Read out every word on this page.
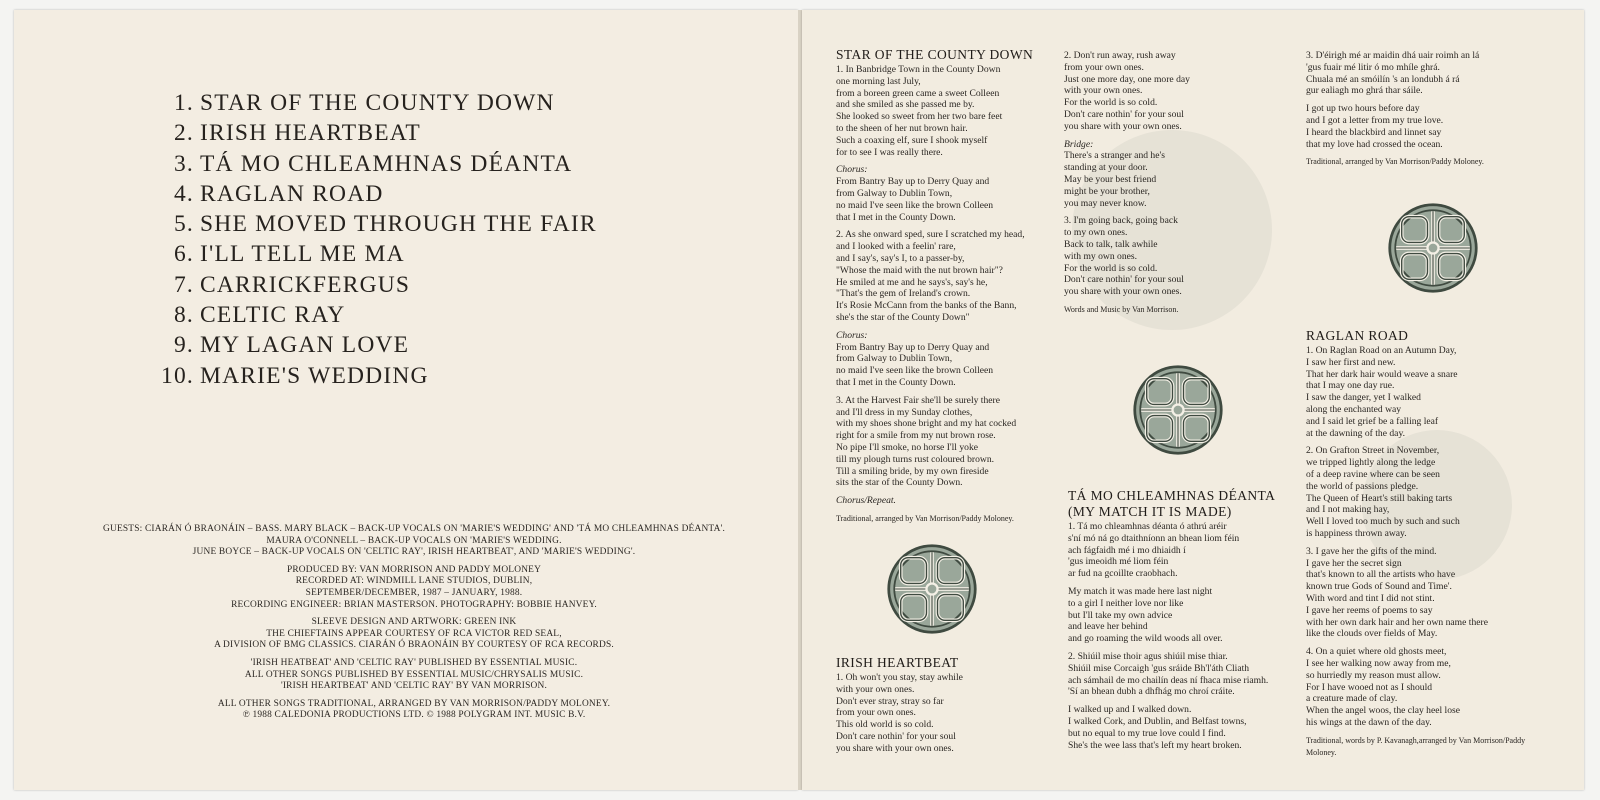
1. STAR OF THE COUNTY DOWN
2. IRISH HEARTBEAT
3. TÁ MO CHLEAMHNAS DÉANTA
4. RAGLAN ROAD
5. SHE MOVED THROUGH THE FAIR
6. I'LL TELL ME MA
7. CARRICKFERGUS
8. CELTIC RAY
9. MY LAGAN LOVE
10. MARIE'S WEDDING

GUESTS: CIARÁN Ó BRAONÁIN – BASS. MARY BLACK – BACK-UP VOCALS ON 'MARIE'S WEDDING' AND 'TÁ MO CHLEAMHNAS DÉANTA'.
MAURA O'CONNELL – BACK-UP VOCALS ON 'MARIE'S WEDDING.
JUNE BOYCE – BACK-UP VOCALS ON 'CELTIC RAY', IRISH HEARTBEAT', AND 'MARIE'S WEDDING'.

PRODUCED BY: VAN MORRISON AND PADDY MOLONEY
RECORDED AT: WINDMILL LANE STUDIOS, DUBLIN,
SEPTEMBER/DECEMBER, 1987 – JANUARY, 1988.
RECORDING ENGINEER: BRIAN MASTERSON. PHOTOGRAPHY: BOBBIE HANVEY.

SLEEVE DESIGN AND ARTWORK: GREEN INK
THE CHIEFTAINS APPEAR COURTESY OF RCA VICTOR RED SEAL,
A DIVISION OF BMG CLASSICS. CIARÁN Ó BRAONÁIN BY COURTESY OF RCA RECORDS.

'IRISH HEATBEAT' AND 'CELTIC RAY' PUBLISHED BY ESSENTIAL MUSIC.
ALL OTHER SONGS PUBLISHED BY ESSENTIAL MUSIC/CHRYSALIS MUSIC.
'IRISH HEARTBEAT' AND 'CELTIC RAY' BY VAN MORRISON.

ALL OTHER SONGS TRADITIONAL, ARRANGED BY VAN MORRISON/PADDY MOLONEY.
℗ 1988 CALEDONIA PRODUCTIONS LTD. © 1988 POLYGRAM INT. MUSIC B.V.

STAR OF THE COUNTY DOWN
1. In Banbridge Town in the County Down
one morning last July,
from a boreen green came a sweet Colleen
and she smiled as she passed me by.
She looked so sweet from her two bare feet
to the sheen of her nut brown hair.
Such a coaxing elf, sure I shook myself
for to see I was really there.
Chorus:
From Bantry Bay up to Derry Quay and
from Galway to Dublin Town,
no maid I've seen like the brown Colleen
that I met in the County Down.
2. As she onward sped, sure I scratched my head,
and I looked with a feelin' rare,
and I say's, say's I, to a passer-by,
"Whose the maid with the nut brown hair"?
He smiled at me and he says's, say's he,
"That's the gem of Ireland's crown.
It's Rosie McCann from the banks of the Bann,
she's the star of the County Down"
Chorus:
From Bantry Bay up to Derry Quay and
from Galway to Dublin Town,
no maid I've seen like the brown Colleen
that I met in the County Down.
3. At the Harvest Fair she'll be surely there
and I'll dress in my Sunday clothes,
with my shoes shone bright and my hat cocked
right for a smile from my nut brown rose.
No pipe I'll smoke, no horse I'll yoke
till my plough turns rust coloured brown.
Till a smiling bride, by my own fireside
sits the star of the County Down.
Chorus/Repeat.
Traditional, arranged by Van Morrison/Paddy Moloney.
IRISH HEARTBEAT
1. Oh won't you stay, stay awhile
with your own ones.
Don't ever stray, stray so far
from your own ones.
This old world is so cold.
Don't care nothin' for your soul
you share with your own ones.
2. Don't run away, rush away
from your own ones.
Just one more day, one more day
with your own ones.
For the world is so cold.
Don't care nothin' for your soul
you share with your own ones.
Bridge:
There's a stranger and he's
standing at your door.
May be your best friend
might be your brother,
you may never know.
3. I'm going back, going back
to my own ones.
Back to talk, talk awhile
with my own ones.
For the world is so cold.
Don't care nothin' for your soul
you share with your own ones.
Words and Music by Van Morrison.
TÁ MO CHLEAMHNAS DÉANTA
(MY MATCH IT IS MADE)
1. Tá mo chleamhnas déanta ó athrú aréir
s'ní mó ná go dtaithníonn an bhean liom féin
ach fágfaidh mé i mo dhiaidh í
'gus imeoidh mé liom féin
ar fud na gcoillte craobhach.
My match it was made here last night
to a girl I neither love nor like
but I'll take my own advice
and leave her behind
and go roaming the wild woods all over.
2. Shiúil mise thoir agus shiúil mise thiar.
Shiúil mise Corcaigh 'gus sráide Bh'l'áth Cliath
ach sámhail de mo chailín deas ní fhaca mise riamh.
'Sí an bhean dubh a dhfhág mo chroí cráite.
I walked up and I walked down.
I walked Cork, and Dublin, and Belfast towns,
but no equal to my true love could I find.
She's the wee lass that's left my heart broken.
3. D'éirigh mé ar maidin dhá uair roimh an lá
'gus fuair mé litir ó mo mhíle ghrá.
Chuala mé an smóilín 's an londubh á rá
gur ealiagh mo ghrá thar sáile.
I got up two hours before day
and I got a letter from my true love.
I heard the blackbird and linnet say
that my love had crossed the ocean.
Traditional, arranged by Van Morrison/Paddy Moloney.
RAGLAN ROAD
1. On Raglan Road on an Autumn Day,
I saw her first and new.
That her dark hair would weave a snare
that I may one day rue.
I saw the danger, yet I walked
along the enchanted way
and I said let grief be a falling leaf
at the dawning of the day.
2. On Grafton Street in November,
we tripped lightly along the ledge
of a deep ravine where can be seen
the world of passions pledge.
The Queen of Heart's still baking tarts
and I not making hay,
Well I loved too much by such and such
is happiness thrown away.
3. I gave her the gifts of the mind.
I gave her the secret sign
that's known to all the artists who have
known true Gods of Sound and Time'.
With word and tint I did not stint.
I gave her reems of poems to say
with her own dark hair and her own name there
like the clouds over fields of May.
4. On a quiet where old ghosts meet,
I see her walking now away from me,
so hurriedly my reason must allow.
For I have wooed not as I should
a creature made of clay.
When the angel woos, the clay heel lose
his wings at the dawn of the day.
Traditional, words by P. Kavanagh,arranged by Van Morrison/Paddy Moloney.
